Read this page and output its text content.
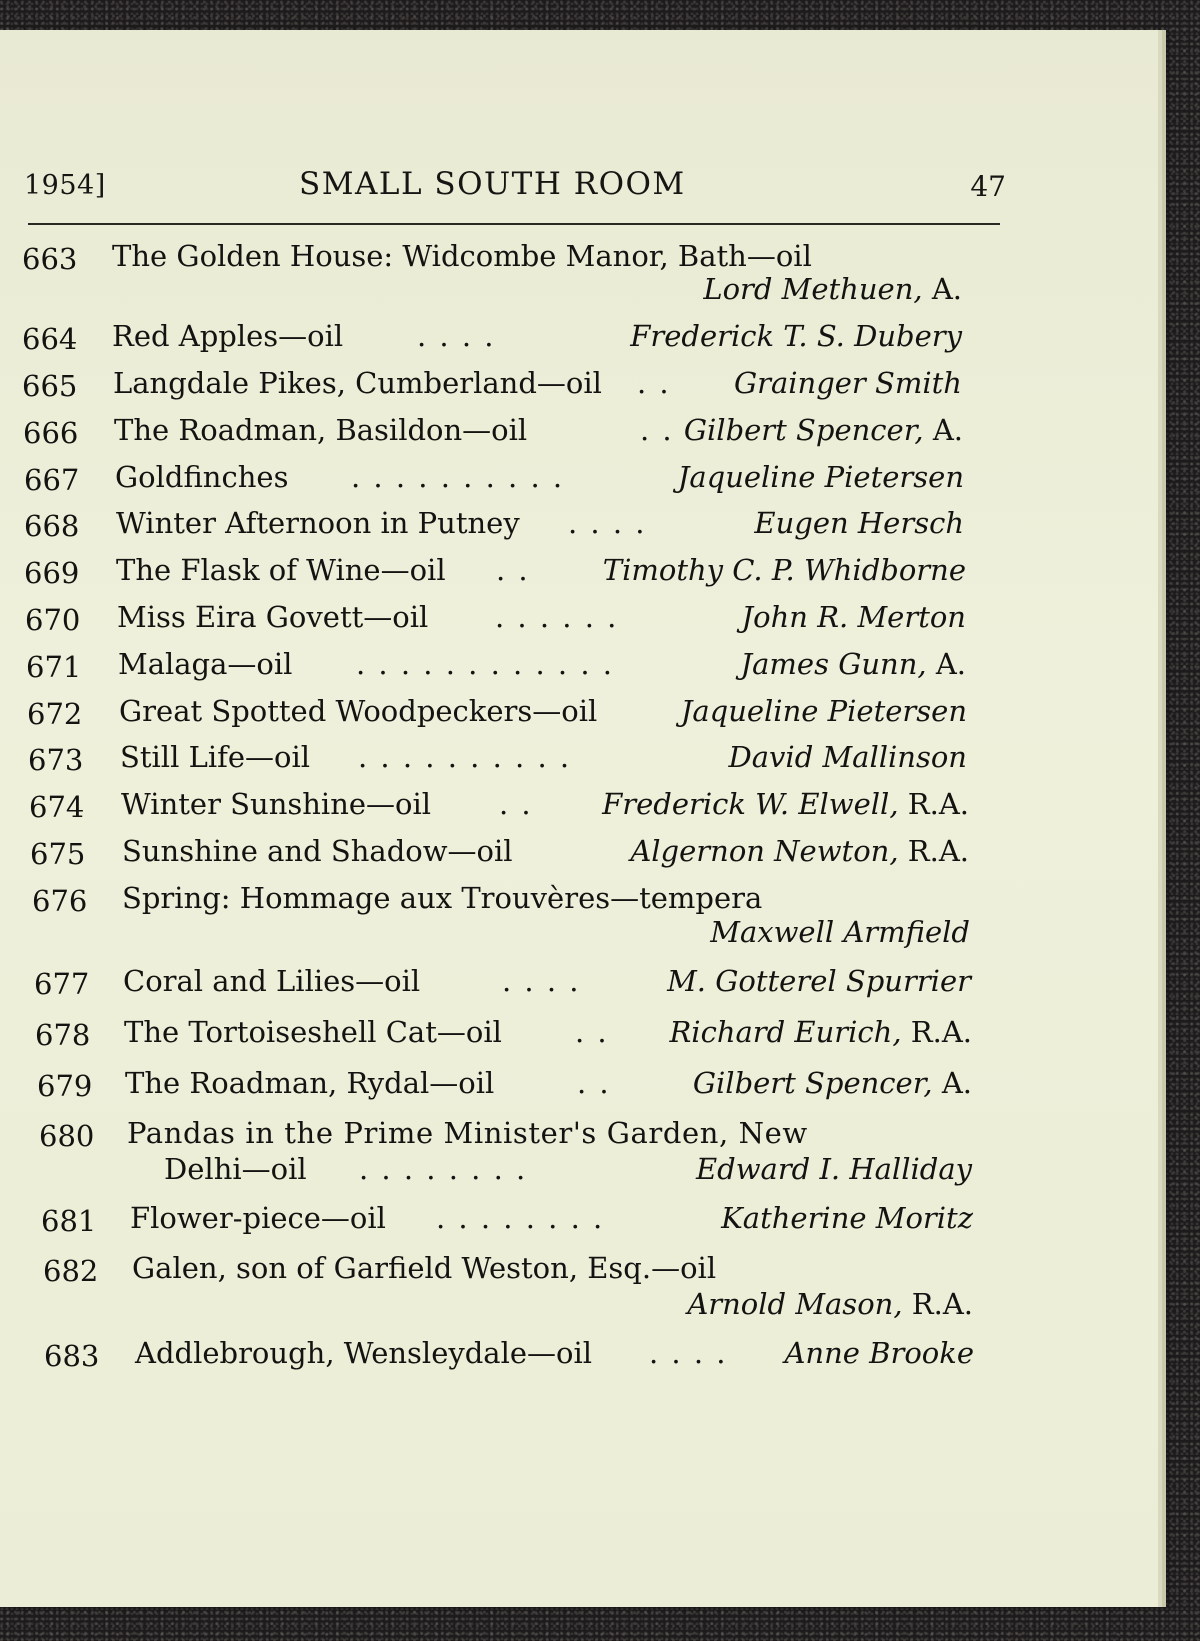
1954]	SMALL SOUTH ROOM	47
663 The Golden House: Widcombe Manor, Bath—oil
Lord Methuen, A.
664 Red Apples—oil	. . . .	Frederick T. S. Dubery
665 Langdale Pikes, Cumberland—oil . . Grainger Smith
666 The Roadman, Basildon—oil	. . Gilbert Spencer, A.
667 Goldfinches . . . . . . . . . .	Jaqueline Pietersen
668 Winter Afternoon in Putney . . . .	Eugen Hersch
669 The Flask of Wine—oil . .	Timothy C. P. Whidborne
670 Miss Eira Govett—oil . . . . . .	John R. Merton
671 Malaga—oil . . . . . . . . . . . .	James Gunn, A.
672 Great Spotted Woodpeckers—oil	Jaqueline Pietersen
673 Still Life—oil . . . . . . . . . .	David Mallinson
674 Winter Sunshine—oil . . Frederick W. Elwell, R.A.
675 Sunshine and Shadow—oil	Algernon Newton, R.A.
676 Spring: Hommage aux Trouvères—tempera
Maxwell Armfield
677 Coral and Lilies—oil	. . . .	M. Gotterel Spurrier
678 The Tortoiseshell Cat—oil	. . Richard Eurich, R.A.
679 The Roadman, Rydal—oil	. .	Gilbert Spencer, A.
680 Pandas in the Prime Minister's Garden, New
Delhi—oil . . . . . . . .	Edward I. Halliday
681 Flower-piece—oil . . . . . . . .	Katherine Moritz
682 Galen, son of Garfield Weston, Esq.—oil
Arnold Mason, R.A.
683 Addlebrough, Wensleydale—oil . . . . Anne Brooke
